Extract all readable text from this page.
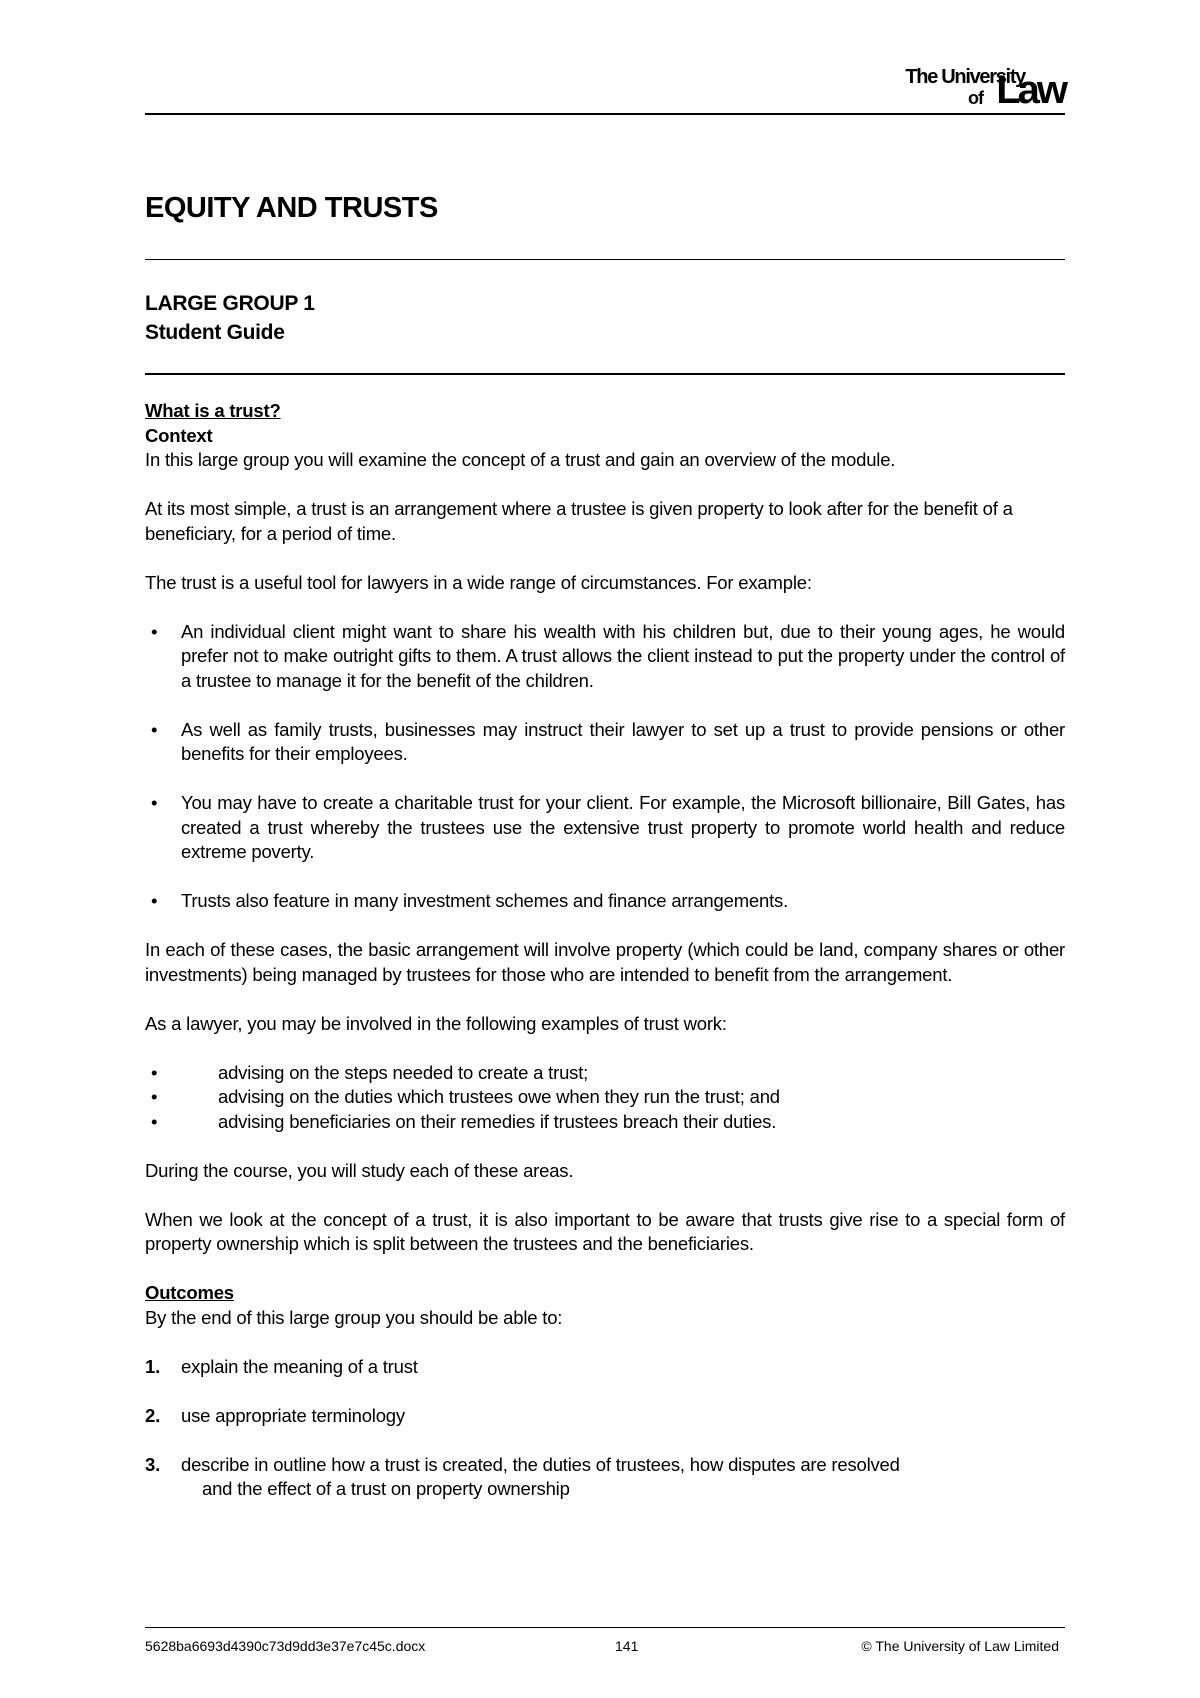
The University
of Law
EQUITY AND TRUSTS
LARGE GROUP 1
Student Guide

What is a trust?

Context

In this large group you will examine the concept of a trust and gain an overview of the module.

At its most simple, a trust is an arrangement where a trustee is given property to look after for the benefit of a beneficiary, for a period of time.

The trust is a useful tool for lawyers in a wide range of circumstances. For example:

• An individual client might want to share his wealth with his children but, due to their young ages, he would prefer not to make outright gifts to them. A trust allows the client instead to put the property under the control of a trustee to manage it for the benefit of the children.
• As well as family trusts, businesses may instruct their lawyer to set up a trust to provide pensions or other benefits for their employees.
• You may have to create a charitable trust for your client. For example, the Microsoft billionaire, Bill Gates, has created a trust whereby the trustees use the extensive trust property to promote world health and reduce extreme poverty.
• Trusts also feature in many investment schemes and finance arrangements.

In each of these cases, the basic arrangement will involve property (which could be land, company shares or other investments) being managed by trustees for those who are intended to benefit from the arrangement.

As a lawyer, you may be involved in the following examples of trust work:

•	advising on the steps needed to create a trust;
•	advising on the duties which trustees owe when they run the trust; and
•	advising beneficiaries on their remedies if trustees breach their duties.

During the course, you will study each of these areas.

When we look at the concept of a trust, it is also important to be aware that trusts give rise to a special form of property ownership which is split between the trustees and the beneficiaries.

Outcomes

By the end of this large group you should be able to:

1. explain the meaning of a trust
2. use appropriate terminology
3. describe in outline how a trust is created, the duties of trustees, how disputes are resolved
and the effect of a trust on property ownership
5628ba6693d4390c73d9dd3e37e7c45c.docx	141	© The University of Law Limited
